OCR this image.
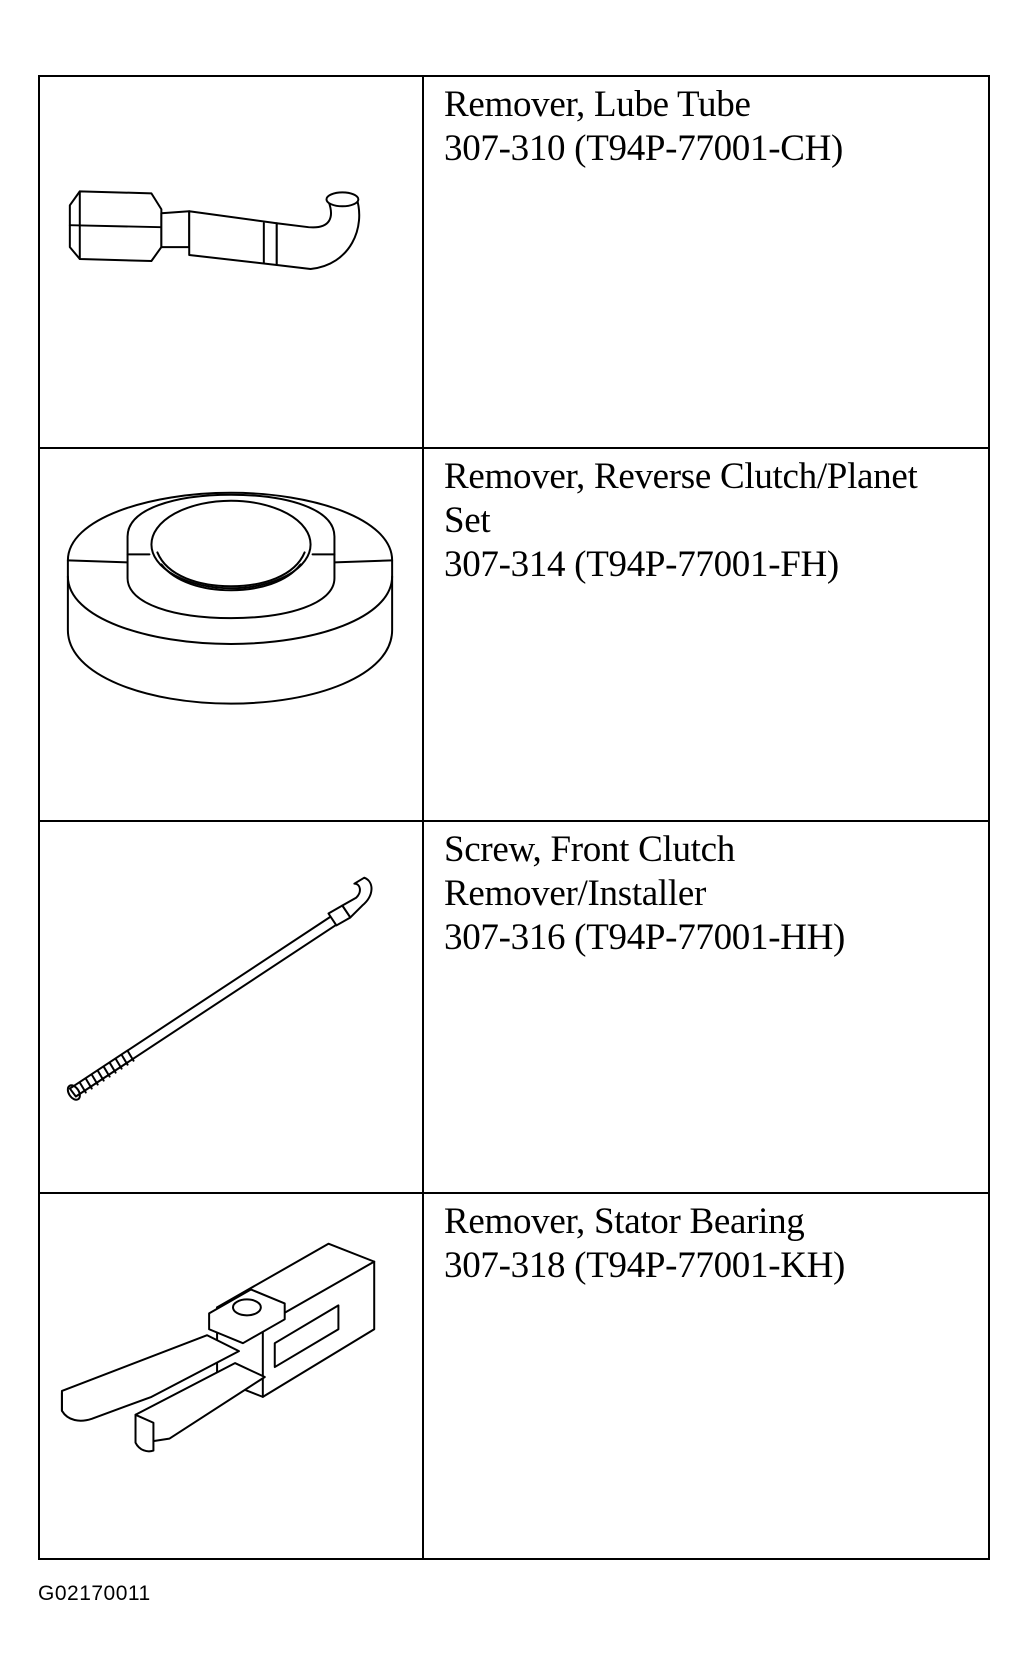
Remover, Lube Tube
307-310 (T94P-77001-CH)
Remover, Reverse Clutch/Planet
Set
307-314 (T94P-77001-FH)
Screw, Front Clutch
Remover/Installer
307-316 (T94P-77001-HH)
Remover, Stator Bearing
307-318 (T94P-77001-KH)
G02170011
